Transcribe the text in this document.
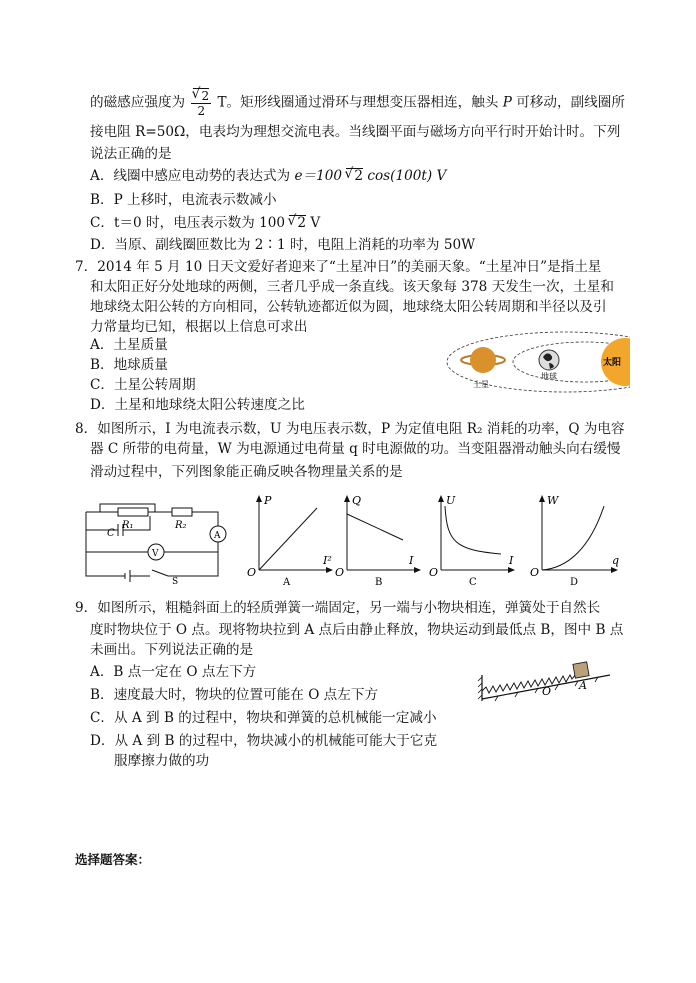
的磁感应强度为 √ $\frac{2}{2}$ T。矩形线圈通过滑环与理想变压器相连，触头 P 可移动，副线圈所
接电阻 R=50Ω，电表均为理想交流电表。当线圈平面与磁场方向平行时开始计时。下列
说法正确的是
A．线圈中感应电动势的表达式为 e＝100 √ 2 cos(100t) V
B．P 上移时，电流表示数减小
C．t＝0 时，电压表示数为 100 √ 2 V
D．当原、副线圈匝数比为 2∶1 时，电阻上消耗的功率为 50W
7．2014 年 5 月 10 日天文爱好者迎来了“土星冲日”的美丽天象。“土星冲日”是指土星
和太阳正好分处地球的两侧，三者几乎成一条直线。该天象每 378 天发生一次，土星和
地球绕太阳公转的方向相同，公转轨迹都近似为圆，地球绕太阳公转周期和半径以及引
力常量均已知，根据以上信息可求出
A．土星质量
B．地球质量
C．土星公转周期
D．土星和地球绕太阳公转速度之比
土星
地球
太阳
8．如图所示，I 为电流表示数，U 为电压表示数，P 为定值电阻 R₂ 消耗的功率，Q 为电容
器 C 所带的电荷量，W 为电源通过电荷量 q 时电源做的功。当变阻器滑动触头向右缓慢
滑动过程中，下列图象能正确反映各物理量关系的是
R₁
C
R₂
A
V
S
P
I²
O
A
Q
I
O
B
U
I
O
C
W
q
O
D
9．如图所示，粗糙斜面上的轻质弹簧一端固定，另一端与小物块相连，弹簧处于自然长
度时物块位于 O 点。现将物块拉到 A 点后由静止释放，物块运动到最低点 B，图中 B 点
未画出。下列说法正确的是
A．B 点一定在 O 点左下方
B．速度最大时，物块的位置可能在 O 点左下方
C．从 A 到 B 的过程中，物块和弹簧的总机械能一定减小
D．从 A 到 B 的过程中，物块减小的机械能可能大于它克
服摩擦力做的功
O	A
选择题答案：
